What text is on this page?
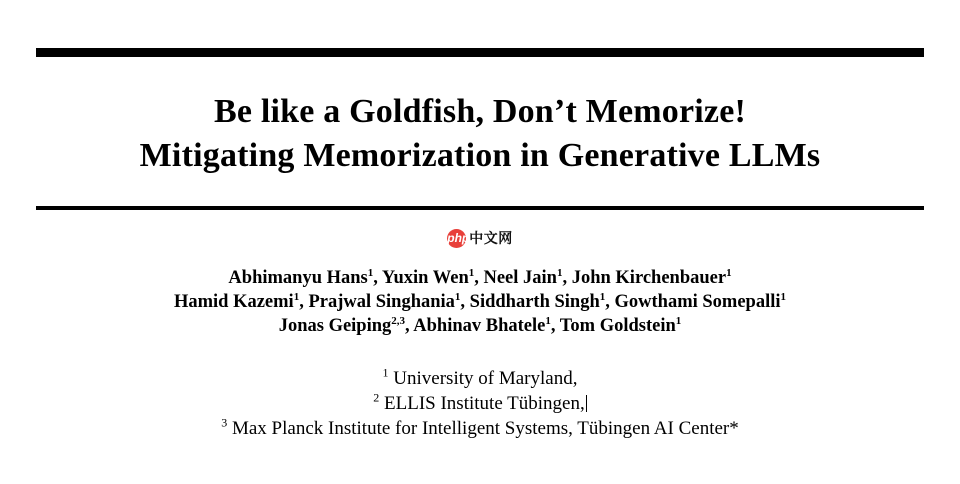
Be like a Goldfish, Don’t Memorize!
Mitigating Memorization in Generative LLMs
php 中文网
Abhimanyu Hans$^1$, Yuxin Wen$^1$, Neel Jain$^1$, John Kirchenbauer$^1$
Hamid Kazemi$^1$, Prajwal Singhania$^1$, Siddharth Singh$^1$, Gowthami Somepalli$^1$
Jonas Geiping$^{2,3}$, Abhinav Bhatele$^1$, Tom Goldstein$^1$
$^1$ University of Maryland,
$^2$ ELLIS Institute Tübingen,
$^3$ Max Planck Institute for Intelligent Systems, Tübingen AI Center*
